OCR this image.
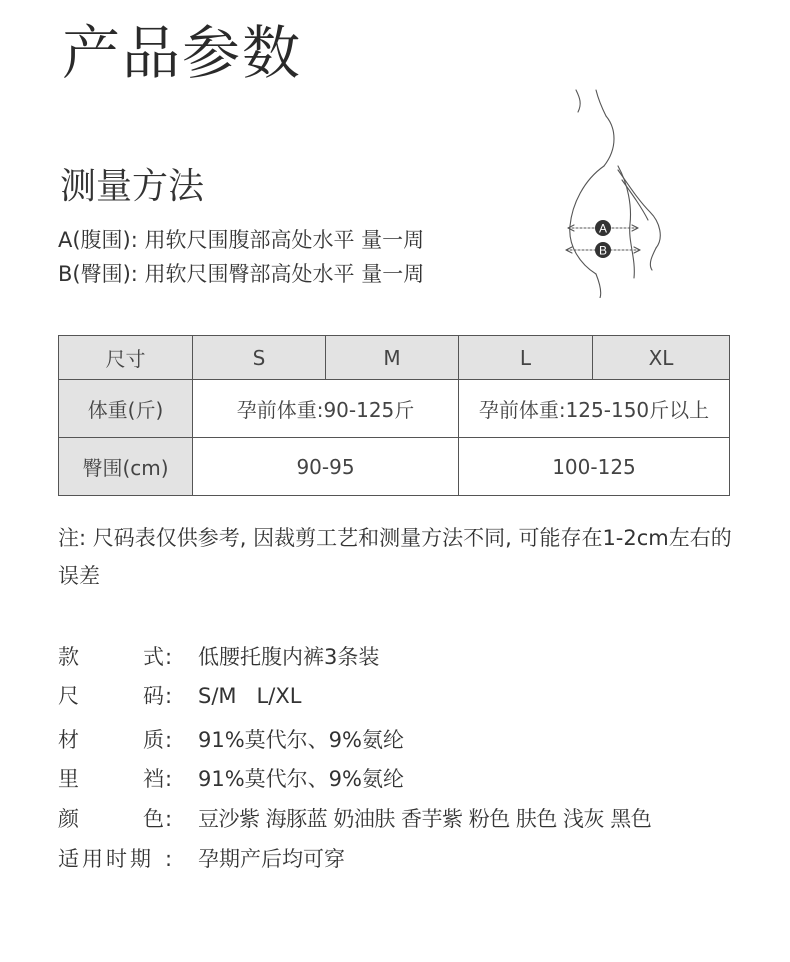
产品参数
测量方法
A(腹围): 用软尺围腹部高处水平 量一周
B(臀围): 用软尺围臀部高处水平 量一周
A
B
尺寸	S	M	L	XL
体重(斤)	孕前体重:90-125斤		孕前体重:125-150斤以上	
臀围(cm)	90-95		100-125	
注: 尺码表仅供参考, 因裁剪工艺和测量方法不同, 可能存在1-2cm左右的误差
款	式 : 低腰托腹内裤3条装
尺	码 : S/M   L/XL
材	质 : 91%莫代尔、9%氨纶
里	裆 : 91%莫代尔、9%氨纶
颜	色 : 豆沙紫 海豚蓝 奶油肤 香芋紫 粉色 肤色 浅灰 黑色
适用时期 : 孕期产后均可穿
